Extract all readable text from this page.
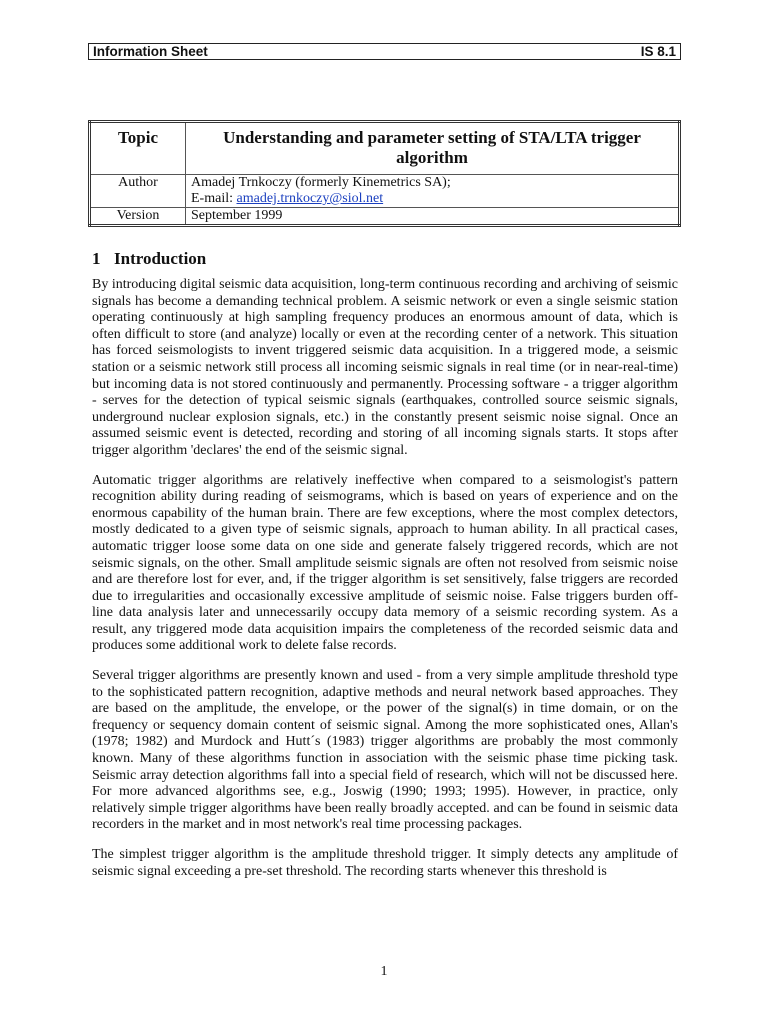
Information Sheet	IS 8.1
Topic	Understanding and parameter setting of STA/LTA trigger algorithm
Author	Amadej Trnkoczy (formerly Kinemetrics SA);
E-mail: amadej.trnkoczy@siol.net

Version	September 1999
1 Introduction

By introducing digital seismic data acquisition, long-term continuous recording and archiving of seismic signals has become a demanding technical problem. A seismic network or even a single seismic station operating continuously at high sampling frequency produces an enormous amount of data, which is often difficult to store (and analyze) locally or even at the recording center of a network. This situation has forced seismologists to invent triggered seismic data acquisition. In a triggered mode, a seismic station or a seismic network still process all incoming seismic signals in real time (or in near-real-time) but incoming data is not stored continuously and permanently. Processing software - a trigger algorithm - serves for the detection of typical seismic signals (earthquakes, controlled source seismic signals, underground nuclear explosion signals, etc.) in the constantly present seismic noise signal. Once an assumed seismic event is detected, recording and storing of all incoming signals starts. It stops after trigger algorithm 'declares' the end of the seismic signal.

Automatic trigger algorithms are relatively ineffective when compared to a seismologist's pattern recognition ability during reading of seismograms, which is based on years of experience and on the enormous capability of the human brain. There are few exceptions, where the most complex detectors, mostly dedicated to a given type of seismic signals, approach to human ability. In all practical cases, automatic trigger loose some data on one side and generate falsely triggered records, which are not seismic signals, on the other. Small amplitude seismic signals are often not resolved from seismic noise and are therefore lost for ever, and, if the trigger algorithm is set sensitively, false triggers are recorded due to irregularities and occasionally excessive amplitude of seismic noise. False triggers burden off-line data analysis later and unnecessarily occupy data memory of a seismic recording system. As a result, any triggered mode data acquisition impairs the completeness of the recorded seismic data and produces some additional work to delete false records.

Several trigger algorithms are presently known and used - from a very simple amplitude threshold type to the sophisticated pattern recognition, adaptive methods and neural network based approaches. They are based on the amplitude, the envelope, or the power of the signal(s) in time domain, or on the frequency or sequency domain content of seismic signal. Among the more sophisticated ones, Allan's (1978; 1982) and Murdock and Hutt´s (1983) trigger algorithms are probably the most commonly known. Many of these algorithms function in association with the seismic phase time picking task. Seismic array detection algorithms fall into a special field of research, which will not be discussed here. For more advanced algorithms see, e.g., Joswig (1990; 1993; 1995). However, in practice, only relatively simple trigger algorithms have been really broadly accepted. and can be found in seismic data recorders in the market and in most network's real time processing packages.

The simplest trigger algorithm is the amplitude threshold trigger. It simply detects any amplitude of seismic signal exceeding a pre-set threshold. The recording starts whenever this threshold is

1
